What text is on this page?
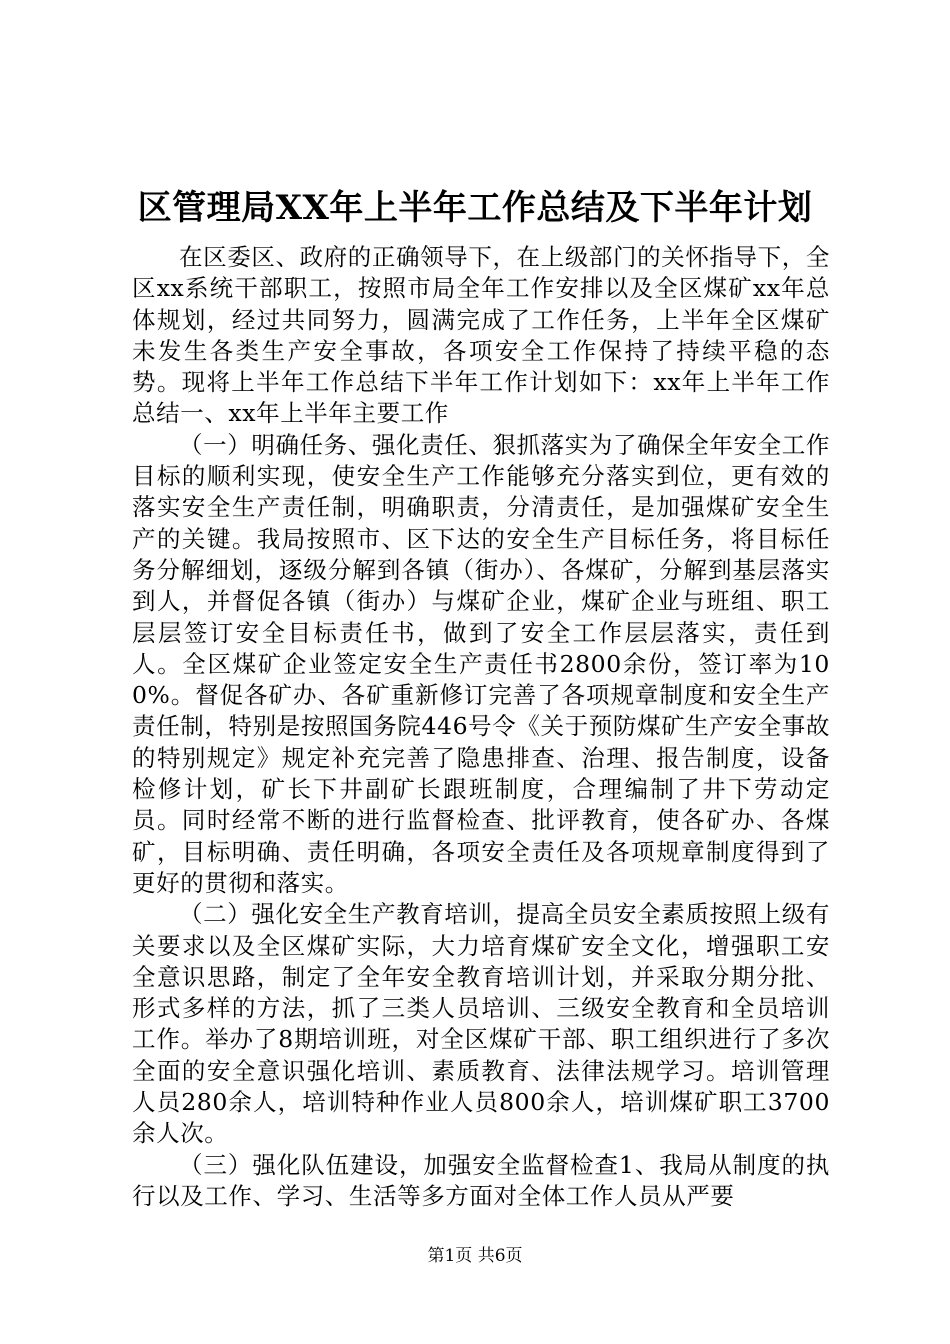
区管理局XX年上半年工作总结及下半年计划

在区委区、政府的正确领导下，在上级部门的关怀指导下，全区xx系统干部职工，按照市局全年工作安排以及全区煤矿xx年总体规划，经过共同努力，圆满完成了工作任务，上半年全区煤矿未发生各类生产安全事故，各项安全工作保持了持续平稳的态势。现将上半年工作总结下半年工作计划如下：xx年上半年工作总结一、xx年上半年主要工作

（一）明确任务、强化责任、狠抓落实为了确保全年安全工作目标的顺利实现，使安全生产工作能够充分落实到位，更有效的落实安全生产责任制，明确职责，分清责任，是加强煤矿安全生产的关键。我局按照市、区下达的安全生产目标任务，将目标任务分解细划，逐级分解到各镇（街办）、各煤矿，分解到基层落实到人，并督促各镇（街办）与煤矿企业，煤矿企业与班组、职工层层签订安全目标责任书，做到了安全工作层层落实，责任到人。全区煤矿企业签定安全生产责任书2800余份，签订率为100%。督促各矿办、各矿重新修订完善了各项规章制度和安全生产责任制，特别是按照国务院446号令《关于预防煤矿生产安全事故的特别规定》规定补充完善了隐患排查、治理、报告制度，设备检修计划，矿长下井副矿长跟班制度，合理编制了井下劳动定员。同时经常不断的进行监督检查、批评教育，使各矿办、各煤矿，目标明确、责任明确，各项安全责任及各项规章制度得到了更好的贯彻和落实。

（二）强化安全生产教育培训，提高全员安全素质按照上级有关要求以及全区煤矿实际，大力培育煤矿安全文化，增强职工安全意识思路，制定了全年安全教育培训计划，并采取分期分批、形式多样的方法，抓了三类人员培训、三级安全教育和全员培训工作。举办了8期培训班，对全区煤矿干部、职工组织进行了多次全面的安全意识强化培训、素质教育、法律法规学习。培训管理人员280余人，培训特种作业人员800余人，培训煤矿职工3700余人次。

（三）强化队伍建设，加强安全监督检查1、我局从制度的执行以及工作、学习、生活等多方面对全体工作人员从严要

第1页 共6页
